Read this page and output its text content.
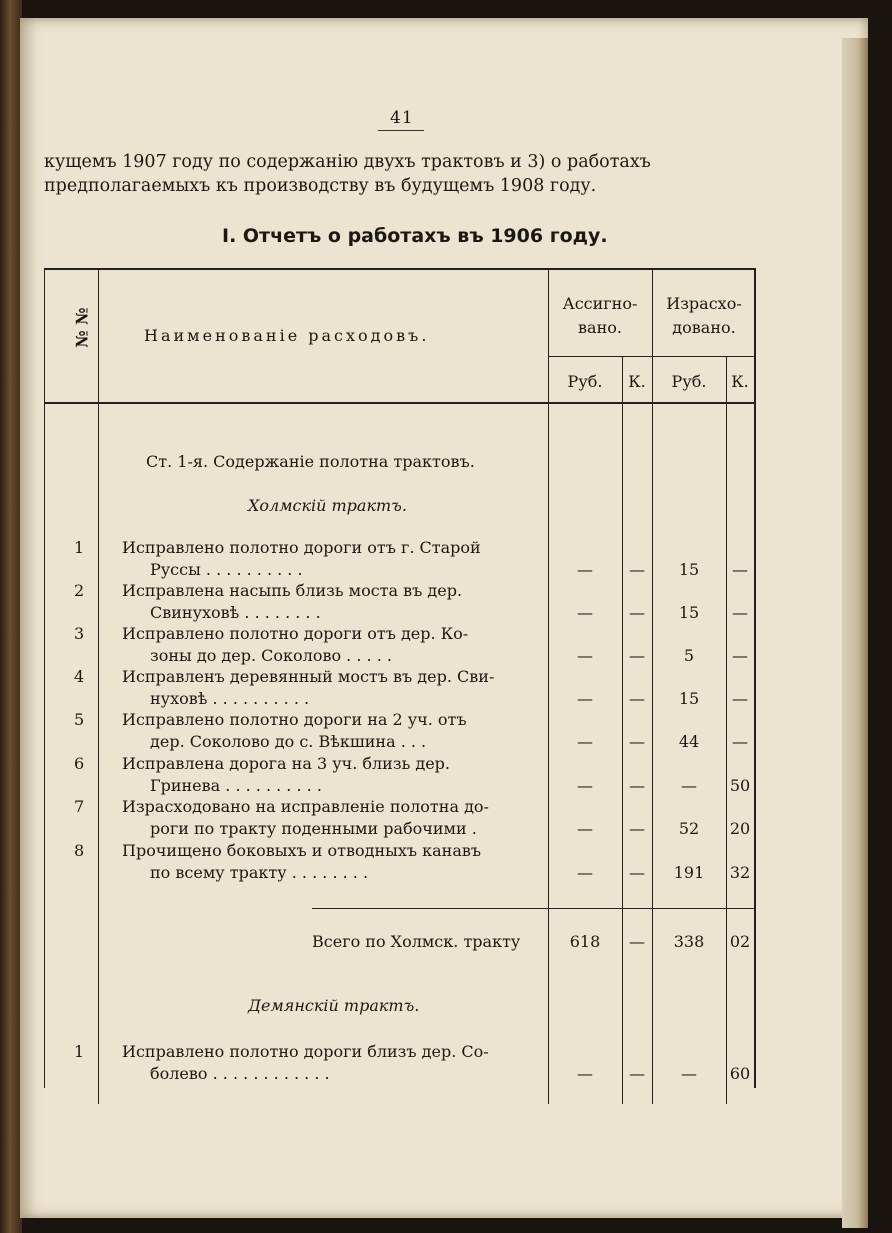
41
кущемъ 1907 году по содержанію двухъ трактовъ и 3) о работахъ
предполагаемыхъ къ производству въ будущемъ 1908 году.
I. Отчетъ о работахъ въ 1906 году.
№ №	Наименованіе расходовъ.
Ассигно-
вано.
Израсхо-
довано.
Руб.	К.	Руб.	К.
Ст. 1-я. Содержаніе полотна трактовъ.
Холмскій трактъ.
1 Исправлено полотно дороги отъ г. Старой
Руссы . . . . . . . . . .	—	—	15	—
2 Исправлена насыпь близь моста въ дер.
Свинуховѣ . . . . . . . .	—	—	15	—
3 Исправлено полотно дороги отъ дер. Ко-
зоны до дер. Соколово . . . . .	—	—	5	—
4 Исправленъ деревянный мостъ въ дер. Сви-
нуховѣ . . . . . . . . . .	—	—	15	—
5 Исправлено полотно дороги на 2 уч. отъ
дер. Соколово до с. Вѣкшина . . .	—	—	44	—
6 Исправлена дорога на 3 уч. близь дер.
Гринева . . . . . . . . . .	—	—	—	50
7 Израсходовано на исправленіе полотна до-
роги по тракту поденными рабочими .	—	—	52	20
8 Прочищено боковыхъ и отводныхъ канавъ
по всему тракту . . . . . . . .	—	—	191	32
Всего по Холмск. тракту	618	—	338	02
Демянскій трактъ.
1 Исправлено полотно дороги близъ дер. Со-
болево . . . . . . . . . . . .	—	—	—	60
